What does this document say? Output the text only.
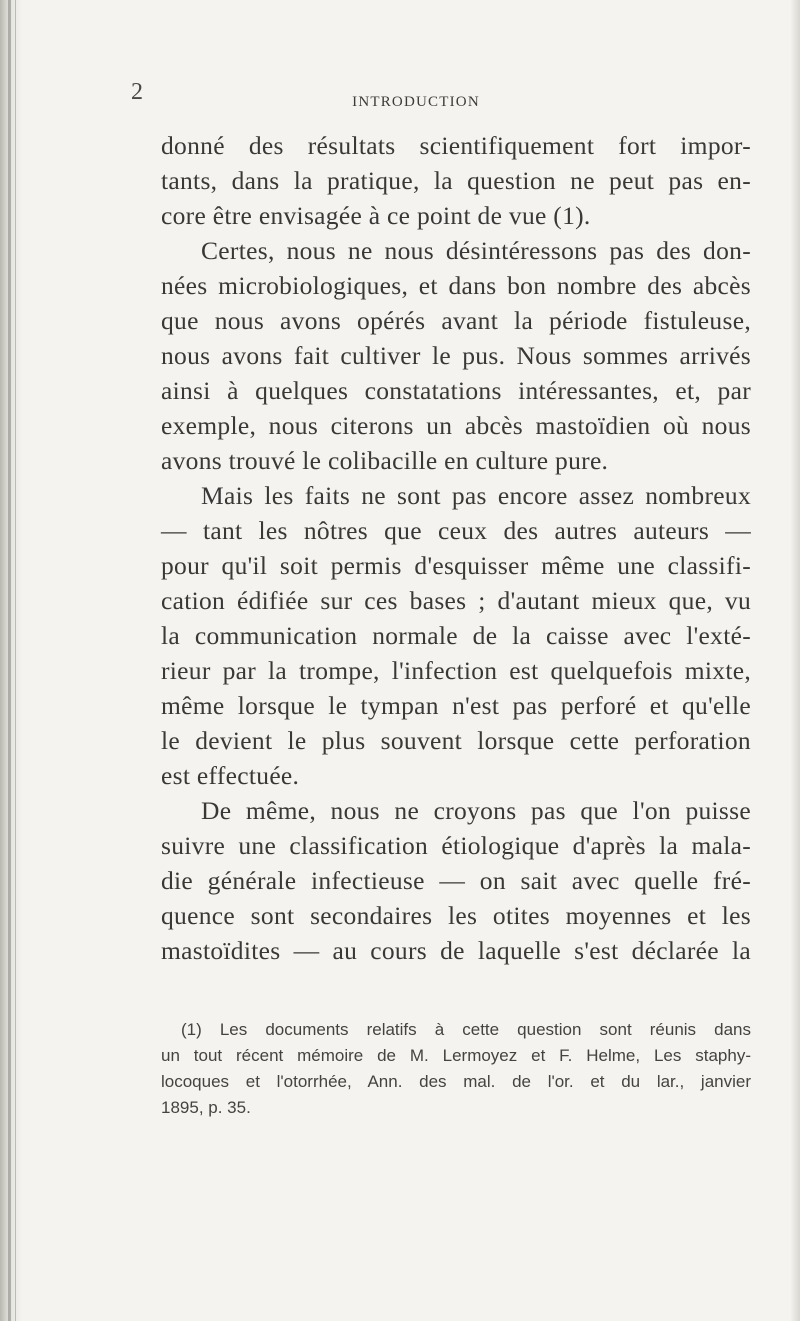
2	INTRODUCTION
donné des résultats scientifiquement fort impor-
tants, dans la pratique, la question ne peut pas en-
core être envisagée à ce point de vue (1).
Certes, nous ne nous désintéressons pas des don-
nées microbiologiques, et dans bon nombre des abcès
que nous avons opérés avant la période fistuleuse,
nous avons fait cultiver le pus. Nous sommes arrivés
ainsi à quelques constatations intéressantes, et, par
exemple, nous citerons un abcès mastoïdien où nous
avons trouvé le colibacille en culture pure.
Mais les faits ne sont pas encore assez nombreux
— tant les nôtres que ceux des autres auteurs —
pour qu'il soit permis d'esquisser même une classifi-
cation édifiée sur ces bases ; d'autant mieux que, vu
la communication normale de la caisse avec l'exté-
rieur par la trompe, l'infection est quelquefois mixte,
même lorsque le tympan n'est pas perforé et qu'elle
le devient le plus souvent lorsque cette perforation
est effectuée.
De même, nous ne croyons pas que l'on puisse
suivre une classification étiologique d'après la mala-
die générale infectieuse — on sait avec quelle fré-
quence sont secondaires les otites moyennes et les
mastoïdites — au cours de laquelle s'est déclarée la
(1) Les documents relatifs à cette question sont réunis dans
un tout récent mémoire de M. Lermoyez et F. Helme, Les staphy-
locoques et l'otorrhée, Ann. des mal. de l'or. et du lar., janvier
1895, p. 35.
